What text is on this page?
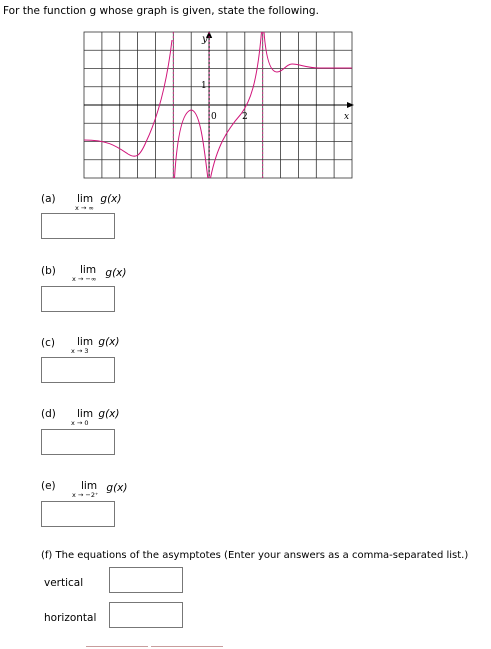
For the function g whose graph is given, state the following.
y
1
0	2	x
(a) lim g(x)
x → ∞
(b) lim g(x)
x → −∞
(c) lim g(x)
x → 3
(d) lim g(x)
x → 0
(e) lim g(x)
x → −2⁺
(f) The equations of the asymptotes (Enter your answers as a comma-separated list.)
vertical
horizontal
